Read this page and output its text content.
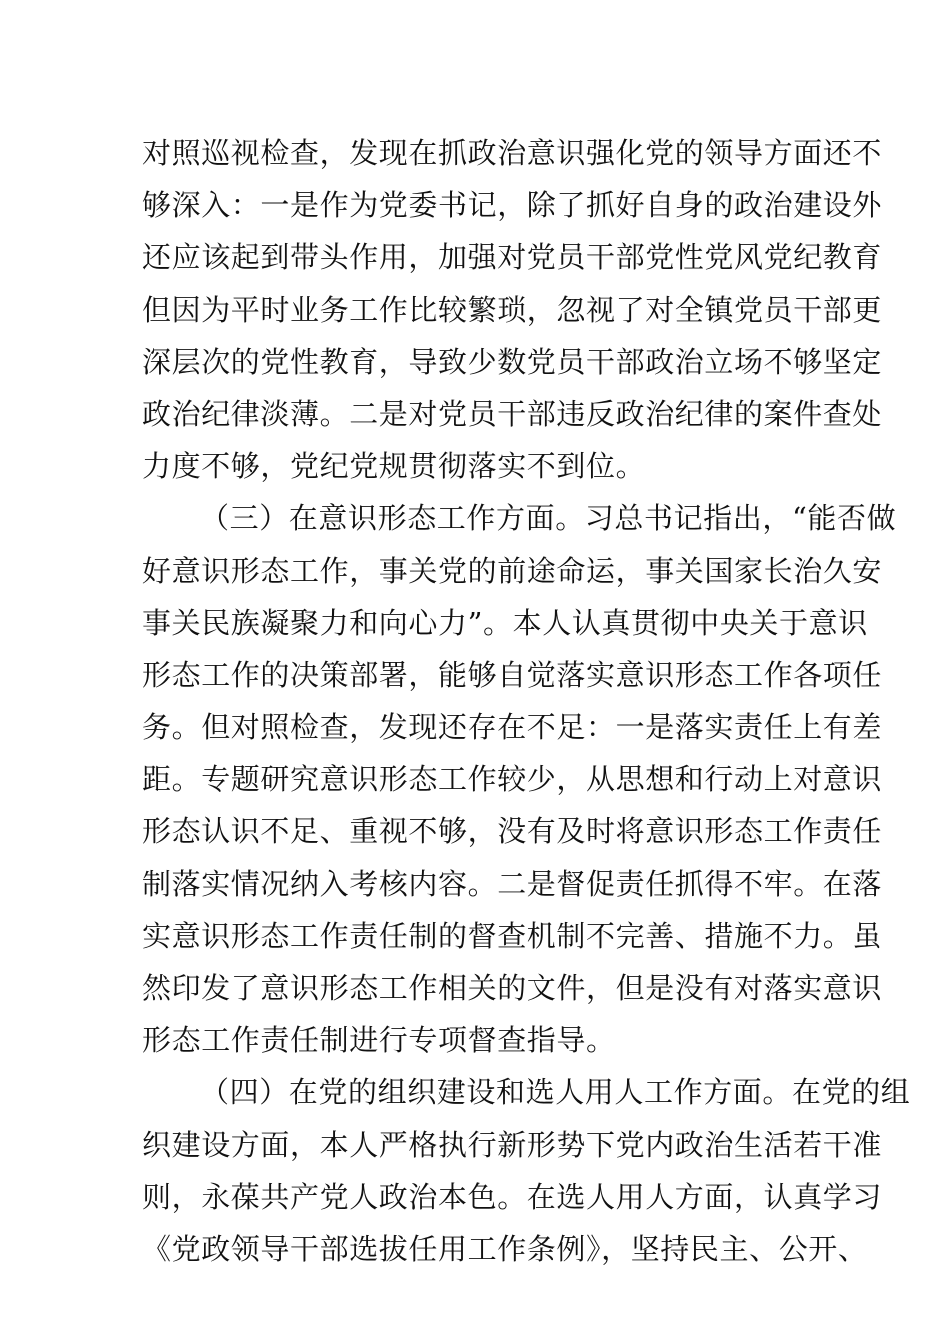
对照巡视检查，发现在抓政治意识强化党的领导方面还不
够深入：一是作为党委书记，除了抓好自身的政治建设外
还应该起到带头作用，加强对党员干部党性党风党纪教育
但因为平时业务工作比较繁琐，忽视了对全镇党员干部更
深层次的党性教育，导致少数党员干部政治立场不够坚定
政治纪律淡薄。二是对党员干部违反政治纪律的案件查处
力度不够，党纪党规贯彻落实不到位。
（三）在意识形态工作方面。习总书记指出，“能否做
好意识形态工作，事关党的前途命运，事关国家长治久安
事关民族凝聚力和向心力”。本人认真贯彻中央关于意识
形态工作的决策部署，能够自觉落实意识形态工作各项任
务。但对照检查，发现还存在不足：一是落实责任上有差
距。专题研究意识形态工作较少，从思想和行动上对意识
形态认识不足、重视不够，没有及时将意识形态工作责任
制落实情况纳入考核内容。二是督促责任抓得不牢。在落
实意识形态工作责任制的督查机制不完善、措施不力。虽
然印发了意识形态工作相关的文件，但是没有对落实意识
形态工作责任制进行专项督查指导。
（四）在党的组织建设和选人用人工作方面。在党的组
织建设方面，本人严格执行新形势下党内政治生活若干准
则，永葆共产党人政治本色。在选人用人方面，认真学习
《党政领导干部选拔任用工作条例》，坚持民主、公开、
